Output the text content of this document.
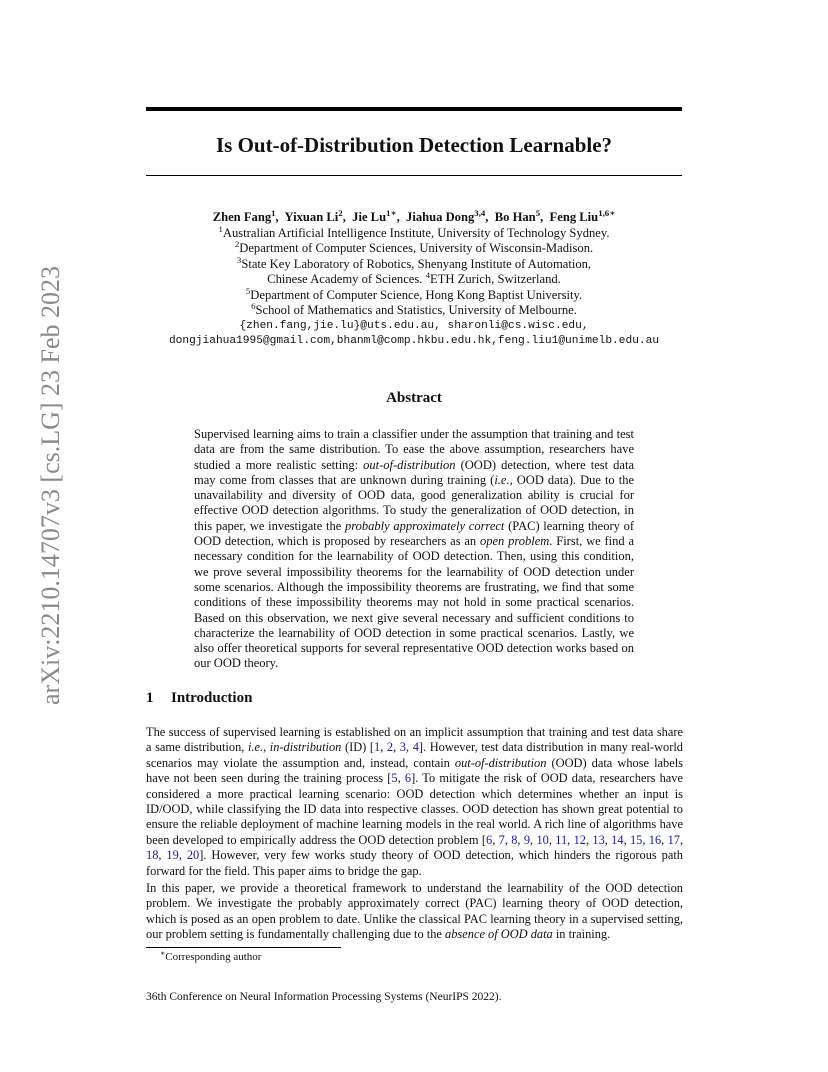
arXiv:2210.14707v3 [cs.LG] 23 Feb 2023
Is Out-of-Distribution Detection Learnable?
Zhen Fang$^1$,  Yixuan Li$^2$,  Jie $Lu^{1∗}$,  Jiahua Dong$^{3,4}$,  Bo Han$^5$,  Feng Liu$^{1,6∗}$
$^1$Australian Artificial Intelligence Institute, University of Technology Sydney.
$^2$Department of Computer Sciences, University of Wisconsin-Madison.
$^3$State Key Laboratory of Robotics, Shenyang Institute of Automation,
Chinese Academy of Sciences. $^4$ETH Zurich, Switzerland.
$^5$Department of Computer Science, Hong Kong Baptist University.
$^6$School of Mathematics and Statistics, University of Melbourne.
{zhen.fang,jie.lu}@uts.edu.au, sharonli@cs.wisc.edu,
dongjiahua1995@gmail.com,bhanml@comp.hkbu.edu.hk,feng.liu1@unimelb.edu.au
Abstract
Supervised learning aims to train a classifier under the assumption that training and test data are from the same distribution. To ease the above assumption, researchers have studied a more realistic setting: out-of-distribution (OOD) detection, where test data may come from classes that are unknown during training (i.e., OOD data). Due to the unavailability and diversity of OOD data, good generalization ability is crucial for effective OOD detection algorithms. To study the generalization of OOD detection, in this paper, we investigate the probably approximately correct (PAC) learning theory of OOD detection, which is proposed by researchers as an open problem. First, we find a necessary condition for the learnability of OOD detection. Then, using this condition, we prove several impossibility theorems for the learnability of OOD detection under some scenarios. Although the impossibility theorems are frustrating, we find that some conditions of these impossibility theorems may not hold in some practical scenarios. Based on this observation, we next give several necessary and sufficient conditions to characterize the learnability of OOD detection in some practical scenarios. Lastly, we also offer theoretical supports for several representative OOD detection works based on our OOD theory.
1 Introduction
The success of supervised learning is established on an implicit assumption that training and test data share a same distribution, i.e., in-distribution (ID) [1, 2, 3, 4]. However, test data distribution in many real-world scenarios may violate the assumption and, instead, contain out-of-distribution (OOD) data whose labels have not been seen during the training process [5, 6]. To mitigate the risk of OOD data, researchers have considered a more practical learning scenario: OOD detection which determines whether an input is ID/OOD, while classifying the ID data into respective classes. OOD detection has shown great potential to ensure the reliable deployment of machine learning models in the real world. A rich line of algorithms have been developed to empirically address the OOD detection problem [6, 7, 8, 9, 10, 11, 12, 13, 14, 15, 16, 17, 18, 19, 20]. However, very few works study theory of OOD detection, which hinders the rigorous path forward for the field. This paper aims to bridge the gap.
In this paper, we provide a theoretical framework to understand the learnability of the OOD detection problem. We investigate the probably approximately correct (PAC) learning theory of OOD detection, which is posed as an open problem to date. Unlike the classical PAC learning theory in a supervised setting, our problem setting is fundamentally challenging due to the absence of OOD data in training.
∗Corresponding author
36th Conference on Neural Information Processing Systems (NeurIPS 2022).
